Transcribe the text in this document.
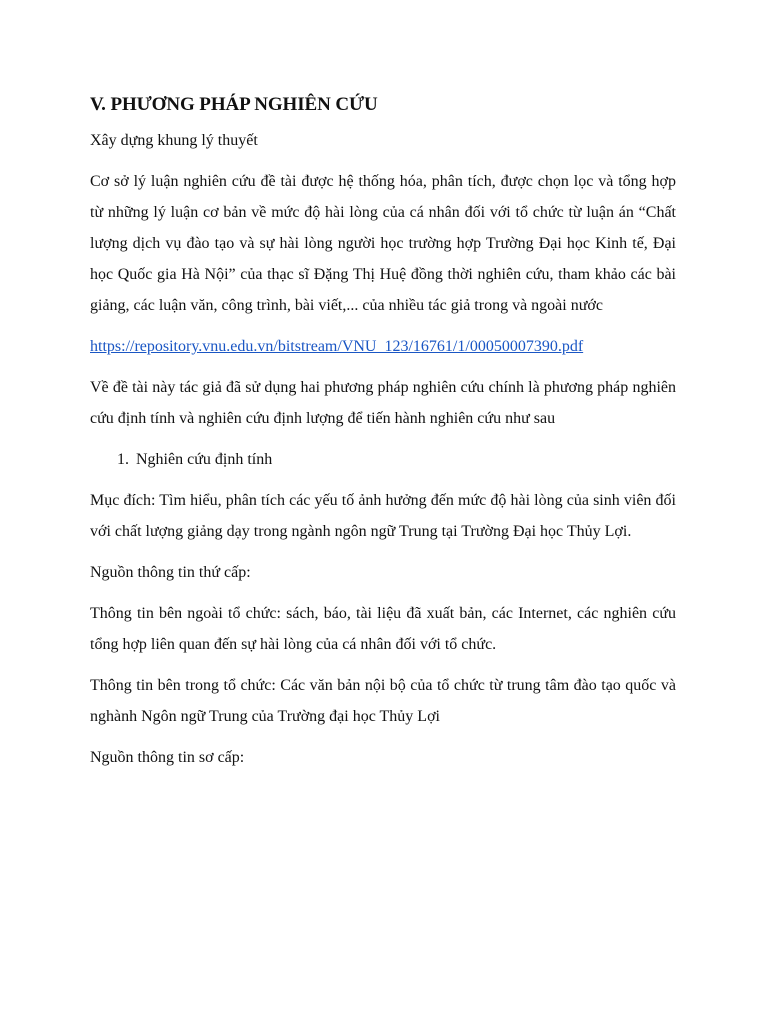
V. PHƯƠNG PHÁP NGHIÊN CỨU

Xây dựng khung lý thuyết

Cơ sở lý luận nghiên cứu đề tài được hệ thống hóa, phân tích, được chọn lọc và tổng hợp từ những lý luận cơ bản về mức độ hài lòng của cá nhân đối với tổ chức từ luận án “Chất lượng dịch vụ đào tạo và sự hài lòng người học trường hợp Trường Đại học Kinh tế, Đại học Quốc gia Hà Nội” của thạc sĩ Đặng Thị Huệ đồng thời nghiên cứu, tham khảo các bài giảng, các luận văn, công trình, bài viết,... của nhiều tác giả trong và ngoài nước

https://repository.vnu.edu.vn/bitstream/VNU_123/16761/1/00050007390.pdf

Về đề tài này tác giả đã sử dụng hai phương pháp nghiên cứu chính là phương pháp nghiên cứu định tính và nghiên cứu định lượng để tiến hành nghiên cứu như sau

1. Nghiên cứu định tính

Mục đích: Tìm hiểu, phân tích các yếu tố ảnh hưởng đến mức độ hài lòng của sinh viên đối với chất lượng giảng dạy trong ngành ngôn ngữ Trung tại Trường Đại học Thủy Lợi.

Nguồn thông tin thứ cấp:

Thông tin bên ngoài tổ chức: sách, báo, tài liệu đã xuất bản, các Internet, các nghiên cứu tổng hợp liên quan đến sự hài lòng của cá nhân đối với tổ chức.

Thông tin bên trong tổ chức: Các văn bản nội bộ của tổ chức từ trung tâm đào tạo quốc và nghành Ngôn ngữ Trung của Trường đại học Thủy Lợi

Nguồn thông tin sơ cấp:
